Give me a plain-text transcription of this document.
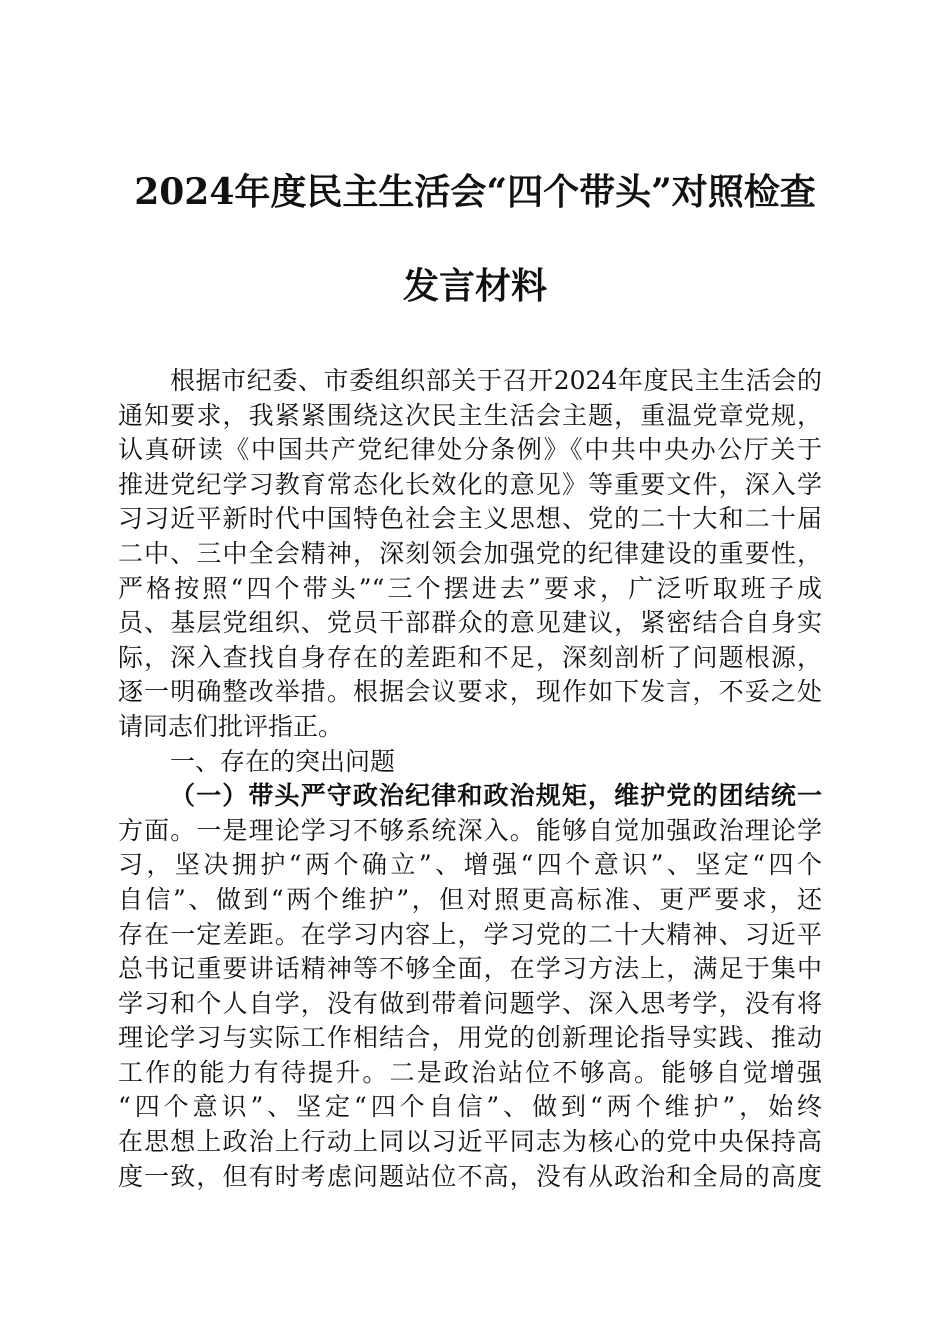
2024年度民主生活会“四个带头”对照检查
发言材料

根据市纪委、市委组织部关于召开2024年度民主生活会的

通知要求，我紧紧围绕这次民主生活会主题，重温党章党规，

认真研读《中国共产党纪律处分条例》《中共中央办公厅关于

推进党纪学习教育常态化长效化的意见》等重要文件，深入学

习习近平新时代中国特色社会主义思想、党的二十大和二十届

二中、三中全会精神，深刻领会加强党的纪律建设的重要性，

严格按照“四个带头”“三个摆进去”要求，广泛听取班子成

员、基层党组织、党员干部群众的意见建议，紧密结合自身实

际，深入查找自身存在的差距和不足，深刻剖析了问题根源，

逐一明确整改举措。根据会议要求，现作如下发言，不妥之处

请同志们批评指正。

一、存在的突出问题

（一）带头严守政治纪律和政治规矩，维护党的团结统一

方面。一是理论学习不够系统深入。能够自觉加强政治理论学

习，坚决拥护“两个确立”、增强“四个意识”、坚定“四个

自信”、做到“两个维护”，但对照更高标准、更严要求，还

存在一定差距。在学习内容上，学习党的二十大精神、习近平

总书记重要讲话精神等不够全面，在学习方法上，满足于集中

学习和个人自学，没有做到带着问题学、深入思考学，没有将

理论学习与实际工作相结合，用党的创新理论指导实践、推动

工作的能力有待提升。二是政治站位不够高。能够自觉增强

“四个意识”、坚定“四个自信”、做到“两个维护”，始终

在思想上政治上行动上同以习近平同志为核心的党中央保持高

度一致，但有时考虑问题站位不高，没有从政治和全局的高度
